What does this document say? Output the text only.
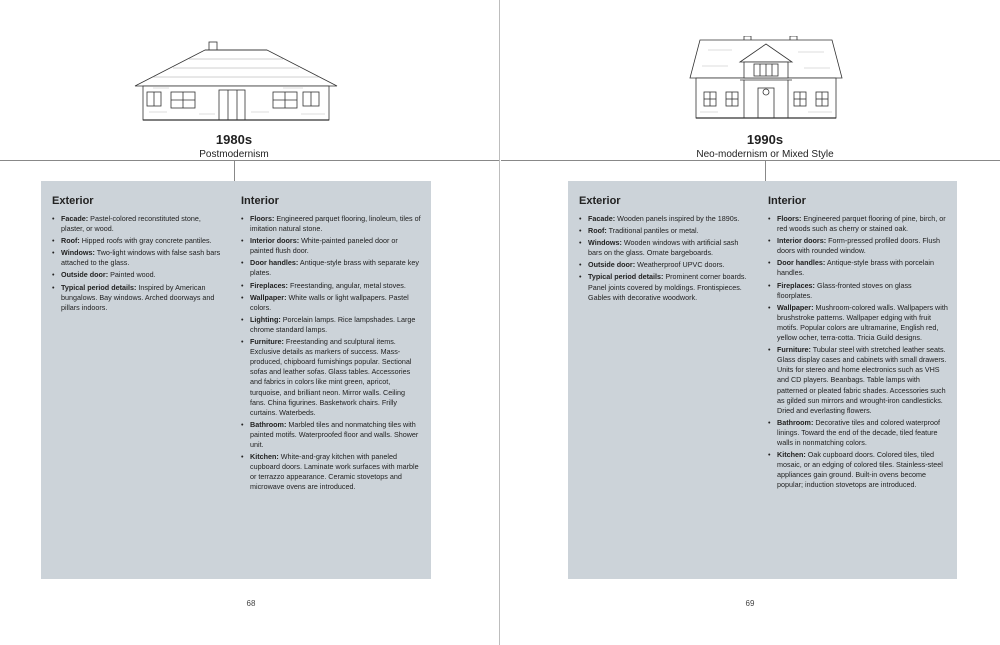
1980s
Postmodernism
Exterior
• Facade: Pastel-colored reconstituted stone, plaster, or wood.
• Roof: Hipped roofs with gray concrete pantiles.
• Windows: Two-light windows with false sash bars attached to the glass.
• Outside door: Painted wood.
• Typical period details: Inspired by American bungalows. Bay windows. Arched doorways and pillars indoors.
Interior
• Floors: Engineered parquet flooring, linoleum, tiles of imitation natural stone.
• Interior doors: White-painted paneled door or painted flush door.
• Door handles: Antique-style brass with separate key plates.
• Fireplaces: Freestanding, angular, metal stoves.
• Wallpaper: White walls or light wallpapers. Pastel colors.
• Lighting: Porcelain lamps. Rice lampshades. Large chrome standard lamps.
• Furniture: Freestanding and sculptural items. Exclusive details as markers of success. Mass-produced, chipboard furnishings popular. Sectional sofas and leather sofas. Glass tables. Accessories and fabrics in colors like mint green, apricot, turquoise, and brilliant neon. Mirror walls. Ceiling fans. China figurines. Basketwork chairs. Frilly curtains. Waterbeds.
• Bathroom: Marbled tiles and nonmatching tiles with painted motifs. Waterproofed floor and walls. Shower unit.
• Kitchen: White-and-gray kitchen with paneled cupboard doors. Laminate work surfaces with marble or terrazzo appearance. Ceramic stovetops and microwave ovens are introduced.
68
1990s
Neo-modernism or Mixed Style
Exterior
• Facade: Wooden panels inspired by the 1890s.
• Roof: Traditional pantiles or metal.
• Windows: Wooden windows with artificial sash bars on the glass. Ornate bargeboards.
• Outside door: Weatherproof UPVC doors.
• Typical period details: Prominent corner boards. Panel joints covered by moldings. Frontispieces. Gables with decorative woodwork.
Interior
• Floors: Engineered parquet flooring of pine, birch, or red woods such as cherry or stained oak.
• Interior doors: Form-pressed profiled doors. Flush doors with rounded window.
• Door handles: Antique-style brass with porcelain handles.
• Fireplaces: Glass-fronted stoves on glass floorplates.
• Wallpaper: Mushroom-colored walls. Wallpapers with brushstroke patterns. Wallpaper edging with fruit motifs. Popular colors are ultramarine, English red, yellow ocher, terra-cotta. Tricia Guild designs.
• Furniture: Tubular steel with stretched leather seats. Glass display cases and cabinets with small drawers. Units for stereo and home electronics such as VHS and CD players. Beanbags. Table lamps with patterned or pleated fabric shades. Accessories such as gilded sun mirrors and wrought-iron candlesticks. Dried and everlasting flowers.
• Bathroom: Decorative tiles and colored waterproof linings. Toward the end of the decade, tiled feature walls in nonmatching colors.
• Kitchen: Oak cupboard doors. Colored tiles, tiled mosaic, or an edging of colored tiles. Stainless-steel appliances gain ground. Built-in ovens become popular; induction stovetops are introduced.
69
